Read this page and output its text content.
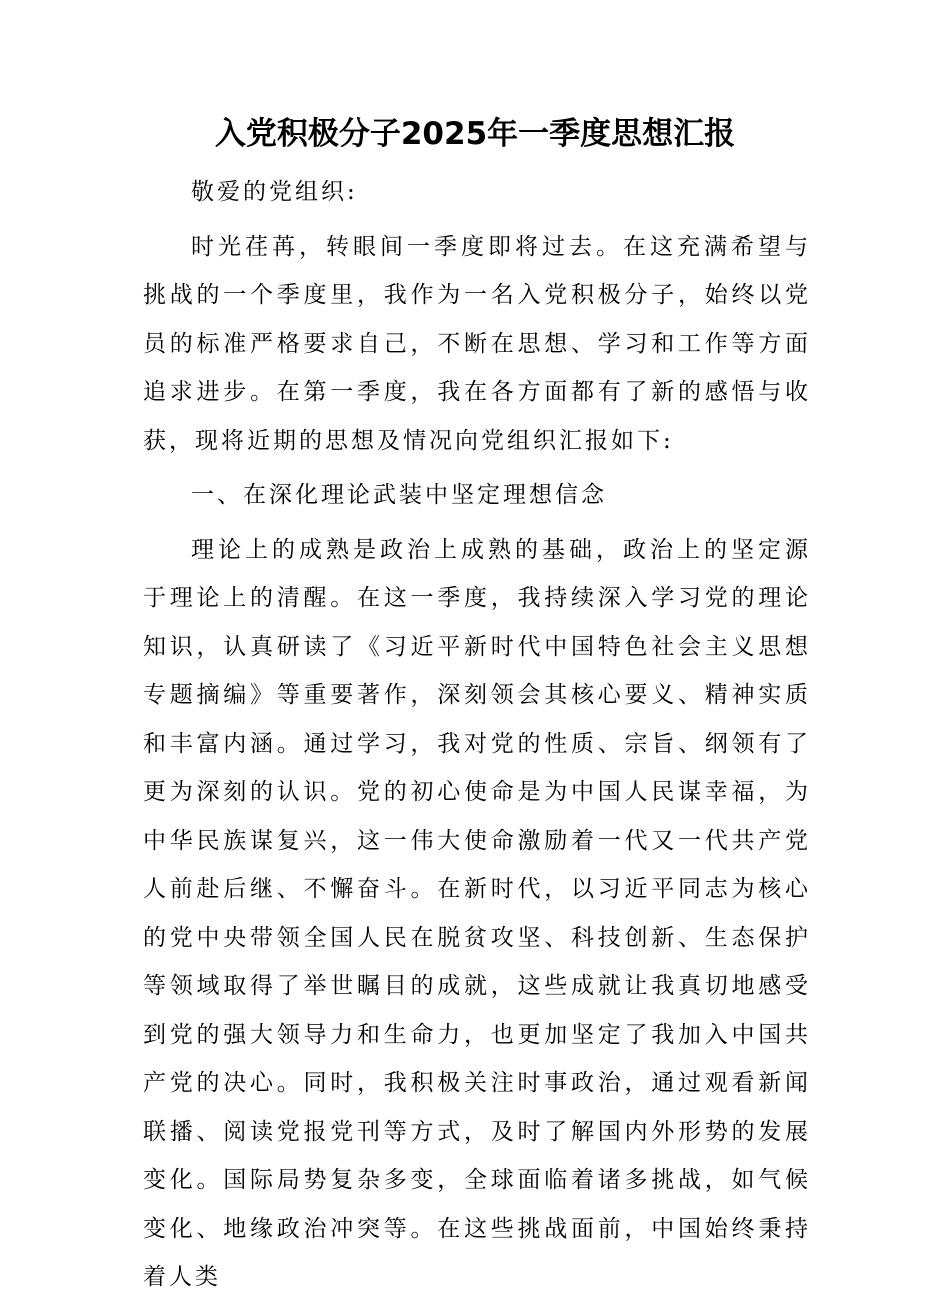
入党积极分子2025年一季度思想汇报

敬爱的党组织:

时光荏苒，转眼间一季度即将过去。在这充满希望与挑战的一个季度里，我作为一名入党积极分子，始终以党员的标准严格要求自己，不断在思想、学习和工作等方面追求进步。在第一季度，我在各方面都有了新的感悟与收获，现将近期的思想及情况向党组织汇报如下:

一、在深化理论武装中坚定理想信念

理论上的成熟是政治上成熟的基础，政治上的坚定源于理论上的清醒。在这一季度，我持续深入学习党的理论知识，认真研读了《习近平新时代中国特色社会主义思想专题摘编》等重要著作，深刻领会其核心要义、精神实质和丰富内涵。通过学习，我对党的性质、宗旨、纲领有了更为深刻的认识。党的初心使命是为中国人民谋幸福，为中华民族谋复兴，这一伟大使命激励着一代又一代共产党人前赴后继、不懈奋斗。在新时代，以习近平同志为核心的党中央带领全国人民在脱贫攻坚、科技创新、生态保护等领域取得了举世瞩目的成就，这些成就让我真切地感受到党的强大领导力和生命力，也更加坚定了我加入中国共产党的决心。同时，我积极关注时事政治，通过观看新闻联播、阅读党报党刊等方式，及时了解国内外形势的发展变化。国际局势复杂多变，全球面临着诸多挑战，如气候变化、地缘政治冲突等。在这些挑战面前，中国始终秉持着人类
